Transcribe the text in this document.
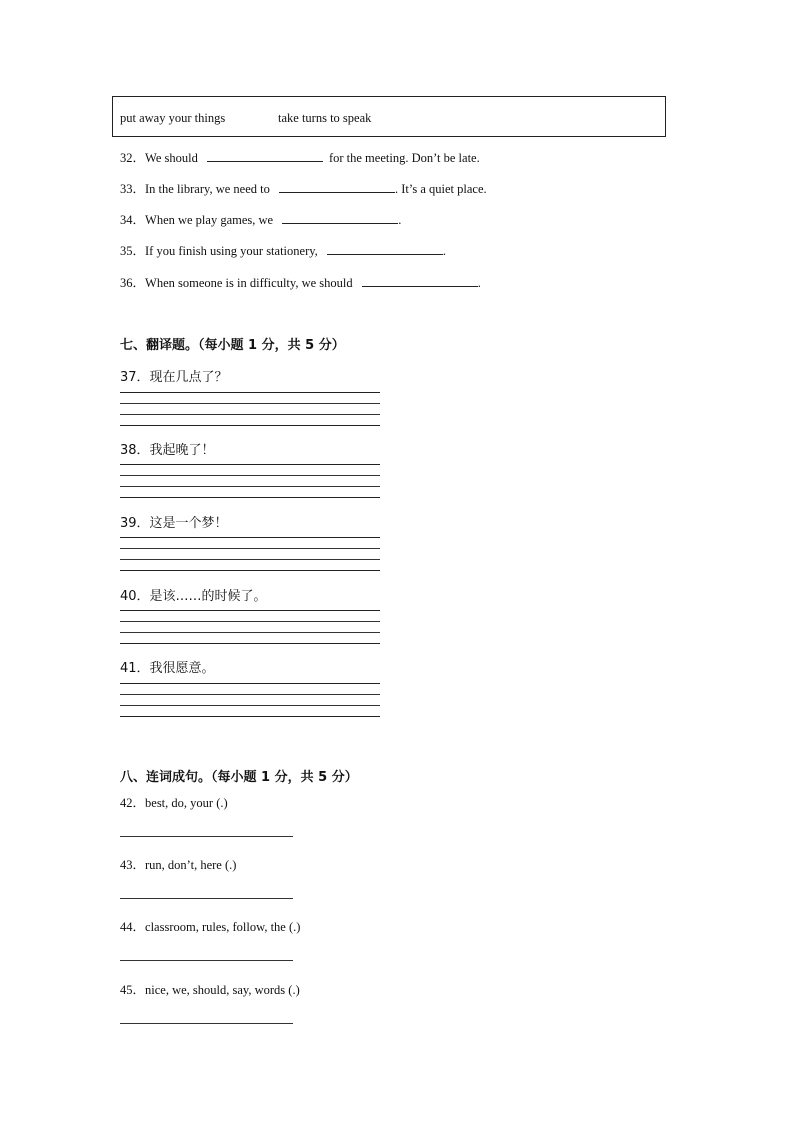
put away your things	take turns to speak
32．We should	for the meeting. Don’t be late.
33．In the library, we need to	. It’s a quiet place.
34．When we play games, we	.
35．If you finish using your stationery,	.
36．When someone is in difficulty, we should	.
七、翻译题。（每小题 1 分，共 5 分）
37．现在几点了？
38．我起晚了！
39．这是一个梦！
40．是该……的时候了。
41．我很愿意。
八、连词成句。（每小题 1 分，共 5 分）
42．best, do, your (.)
43．run, don’t, here (.)
44．classroom, rules, follow, the (.)
45．nice, we, should, say, words (.)
